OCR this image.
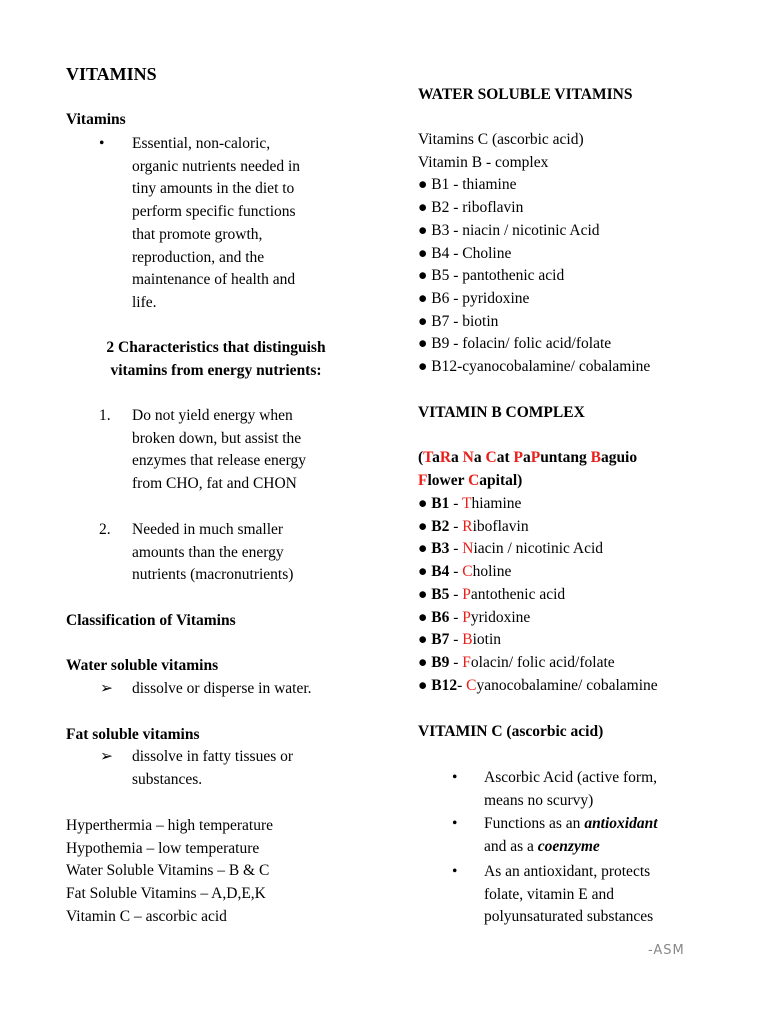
VITAMINS
Vitamins
• Essential, non-caloric,
organic nutrients needed in
tiny amounts in the diet to
perform specific functions
that promote growth,
reproduction, and the
maintenance of health and
life.
2 Characteristics that distinguish
vitamins from energy nutrients:
1. Do not yield energy when
broken down, but assist the
enzymes that release energy
from CHO, fat and CHON
2. Needed in much smaller
amounts than the energy
nutrients (macronutrients)
Classification of Vitamins
Water soluble vitamins
➢ dissolve or disperse in water.
Fat soluble vitamins
➢ dissolve in fatty tissues or
substances.
Hyperthermia – high temperature
Hypothemia – low temperature
Water Soluble Vitamins – B & C
Fat Soluble Vitamins – A,D,E,K
Vitamin C – ascorbic acid
WATER SOLUBLE VITAMINS
Vitamins C (ascorbic acid)
Vitamin B - complex
● B1 - thiamine
● B2 - riboflavin
● B3 - niacin / nicotinic Acid
● B4 - Choline
● B5 - pantothenic acid
● B6 - pyridoxine
● B7 - biotin
● B9 - folacin/ folic acid/folate
● B12-cyanocobalamine/ cobalamine
VITAMIN B COMPLEX
(TaRa Na Cat PaPuntang Baguio
Flower Capital)
● B1 - Thiamine
● B2 - Riboflavin
● B3 - Niacin / nicotinic Acid
● B4 - Choline
● B5 - Pantothenic acid
● B6 - Pyridoxine
● B7 - Biotin
● B9 - Folacin/ folic acid/folate
● B12- Cyanocobalamine/ cobalamine
VITAMIN C (ascorbic acid)
• Ascorbic Acid (active form,
means no scurvy)
• Functions as an antioxidant
and as a coenzyme
• As an antioxidant, protects
folate, vitamin E and
polyunsaturated substances
-ASM
